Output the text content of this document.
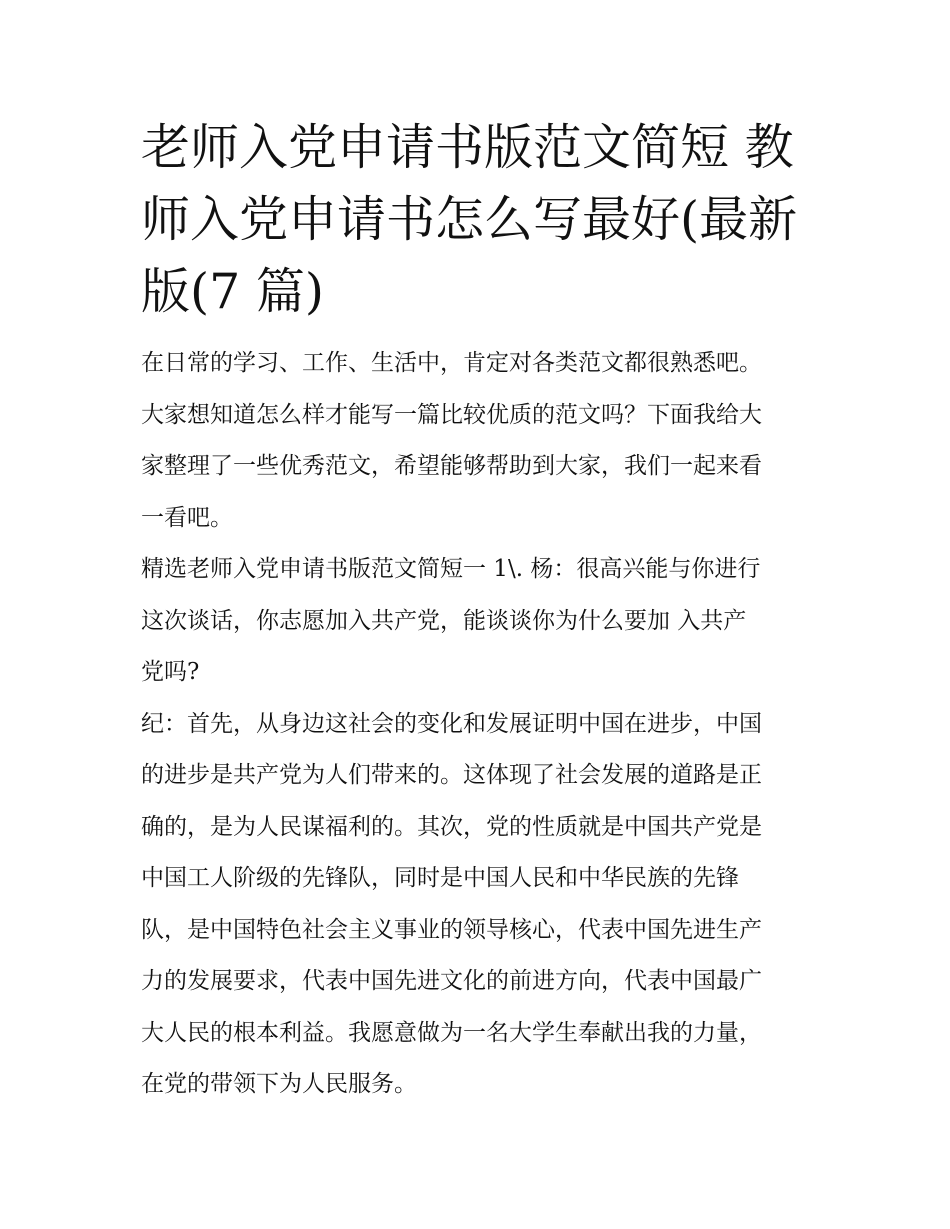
老师入党申请书版范文简短 教
师入党申请书怎么写最好(最新
版(7 篇)

在日常的学习、工作、生活中，肯定对各类范文都很熟悉吧。
大家想知道怎么样才能写一篇比较优质的范文吗？下面我给大
家整理了一些优秀范文，希望能够帮助到大家，我们一起来看
一看吧。

精选老师入党申请书版范文简短一 1\. 杨：很高兴能与你进行
这次谈话，你志愿加入共产党，能谈谈你为什么要加 入共产
党吗?

纪：首先，从身边这社会的变化和发展证明中国在进步，中国
的进步是共产党为人们带来的。这体现了社会发展的道路是正
确的，是为人民谋福利的。其次，党的性质就是中国共产党是
中国工人阶级的先锋队，同时是中国人民和中华民族的先锋
队，是中国特色社会主义事业的领导核心，代表中国先进生产
力的发展要求，代表中国先进文化的前进方向，代表中国最广
大人民的根本利益。我愿意做为一名大学生奉献出我的力量，
在党的带领下为人民服务。
